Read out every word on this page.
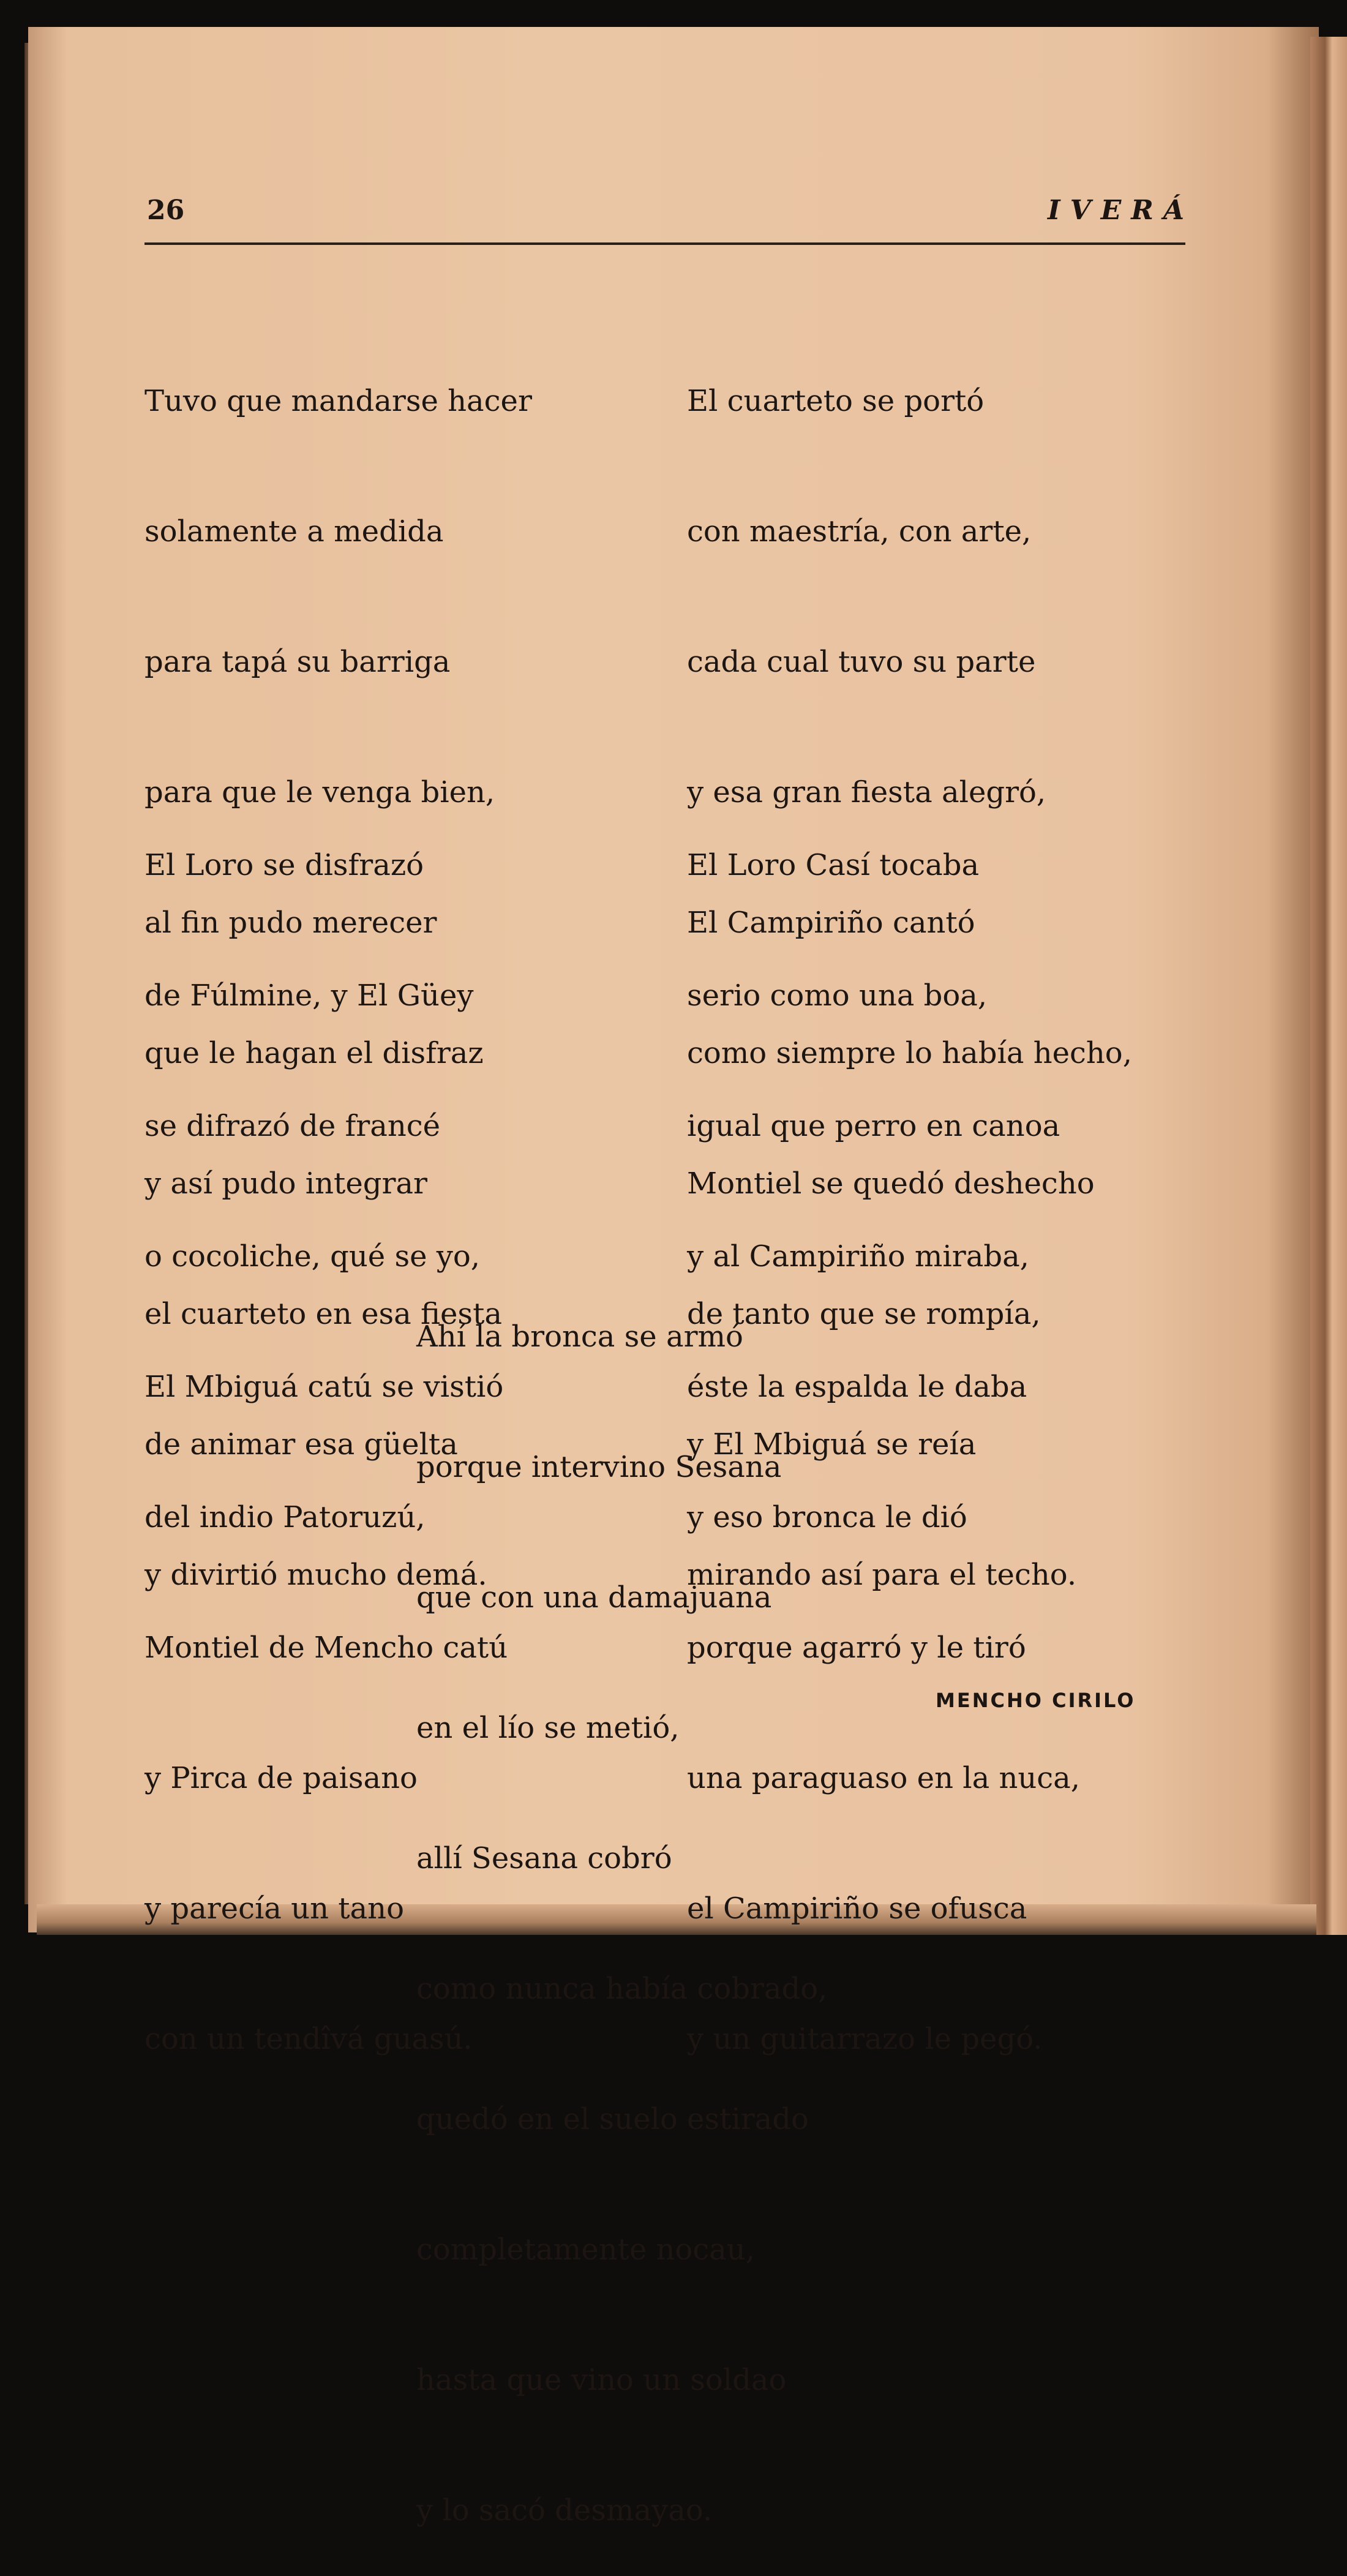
26	IVERÁ

Tuvo que mandarse hacer

solamente a medida

para tapá su barriga

para que le venga bien,

al fin pudo merecer

que le hagan el disfraz

y así pudo integrar

el cuarteto en esa fiesta

de animar esa güelta

y divirtió mucho demá.

El cuarteto se portó

con maestría, con arte,

cada cual tuvo su parte

y esa gran fiesta alegró,

El Campiriño cantó

como siempre lo había hecho,

Montiel se quedó deshecho

de tanto que se rompía,

y El Mbiguá se reía

mirando así para el techo.

El Loro se disfrazó

de Fúlmine, y El Güey

se difrazó de francé

o cocoliche, qué se yo,

El Mbiguá catú se vistió

del indio Patoruzú,

Montiel de Mencho catú

y Pirca de paisano

y parecía un tano

con un tendîvá guasú.

El Loro Casí tocaba

serio como una boa,

igual que perro en canoa

y al Campiriño miraba,

éste la espalda le daba

y eso bronca le dió

porque agarró y le tiró

una paraguaso en la nuca,

el Campiriño se ofusca

y un guitarrazo le pegó.

Ahí la bronca se armó

porque intervino Sesana

que con una damajuana

en el lío se metió,

allí Sesana cobró

como nunca había cobrado,

quedó en el suelo estirado

completamente nocau,

hasta que vino un soldao

y lo sacó desmayao.

MENCHO CIRILO
